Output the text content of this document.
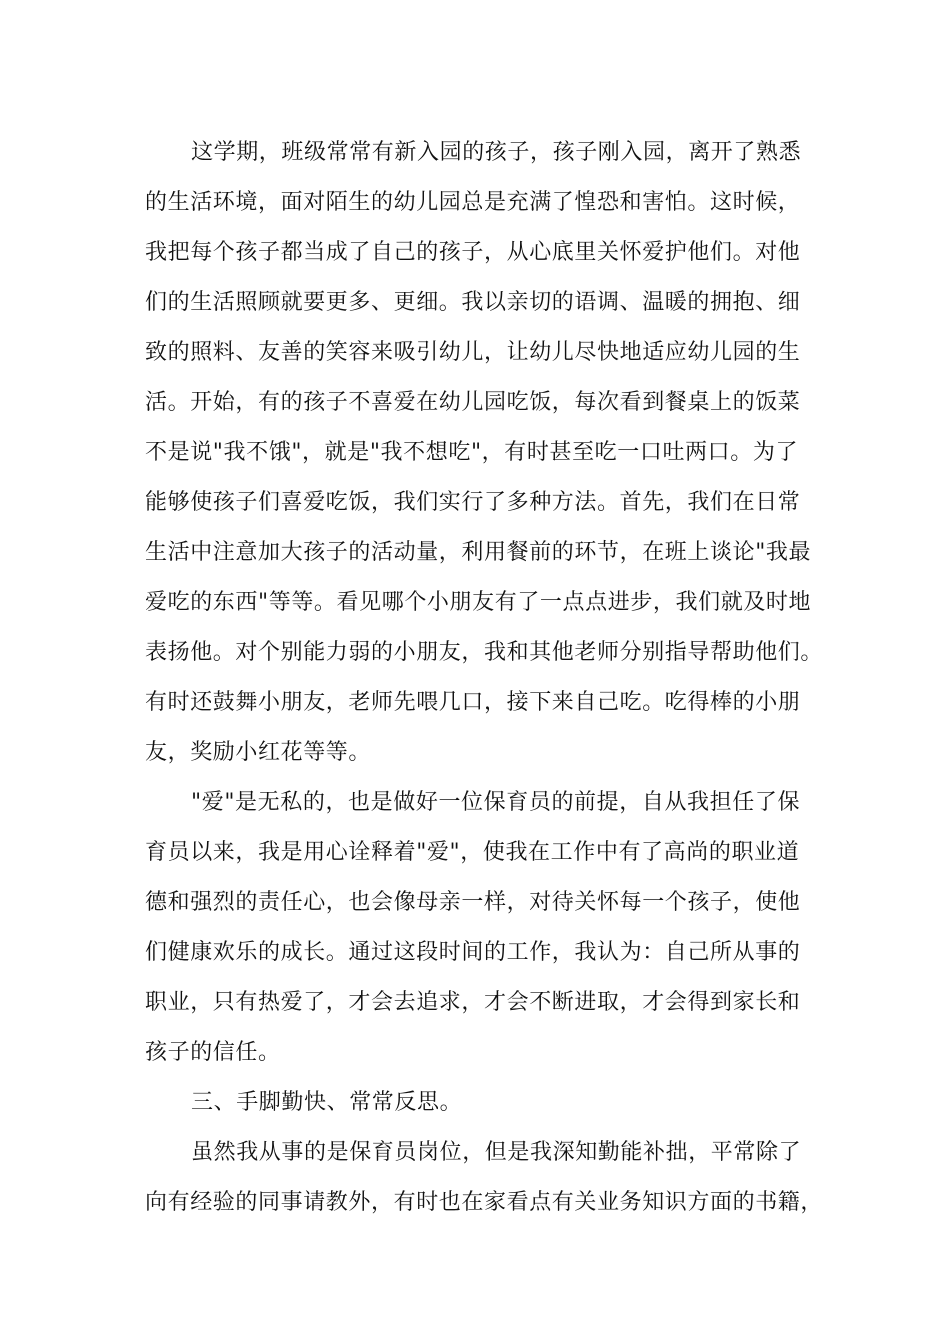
这学期，班级常常有新入园的孩子，孩子刚入园，离开了熟悉
的生活环境，面对陌生的幼儿园总是充满了惶恐和害怕。这时候，
我把每个孩子都当成了自己的孩子，从心底里关怀爱护他们。对他
们的生活照顾就要更多、更细。我以亲切的语调、温暖的拥抱、细
致的照料、友善的笑容来吸引幼儿，让幼儿尽快地适应幼儿园的生
活。开始，有的孩子不喜爱在幼儿园吃饭，每次看到餐桌上的饭菜
不是说"我不饿"，就是"我不想吃"，有时甚至吃一口吐两口。为了
能够使孩子们喜爱吃饭，我们实行了多种方法。首先，我们在日常
生活中注意加大孩子的活动量，利用餐前的环节，在班上谈论"我最
爱吃的东西"等等。看见哪个小朋友有了一点点进步，我们就及时地
表扬他。对个别能力弱的小朋友，我和其他老师分别指导帮助他们。
有时还鼓舞小朋友，老师先喂几口，接下来自己吃。吃得棒的小朋
友，奖励小红花等等。
"爱"是无私的，也是做好一位保育员的前提，自从我担任了保
育员以来，我是用心诠释着"爱"，使我在工作中有了高尚的职业道
德和强烈的责任心，也会像母亲一样，对待关怀每一个孩子，使他
们健康欢乐的成长。通过这段时间的工作，我认为：自己所从事的
职业，只有热爱了，才会去追求，才会不断进取，才会得到家长和
孩子的信任。
三、手脚勤快、常常反思。
虽然我从事的是保育员岗位，但是我深知勤能补拙，平常除了
向有经验的同事请教外，有时也在家看点有关业务知识方面的书籍，
